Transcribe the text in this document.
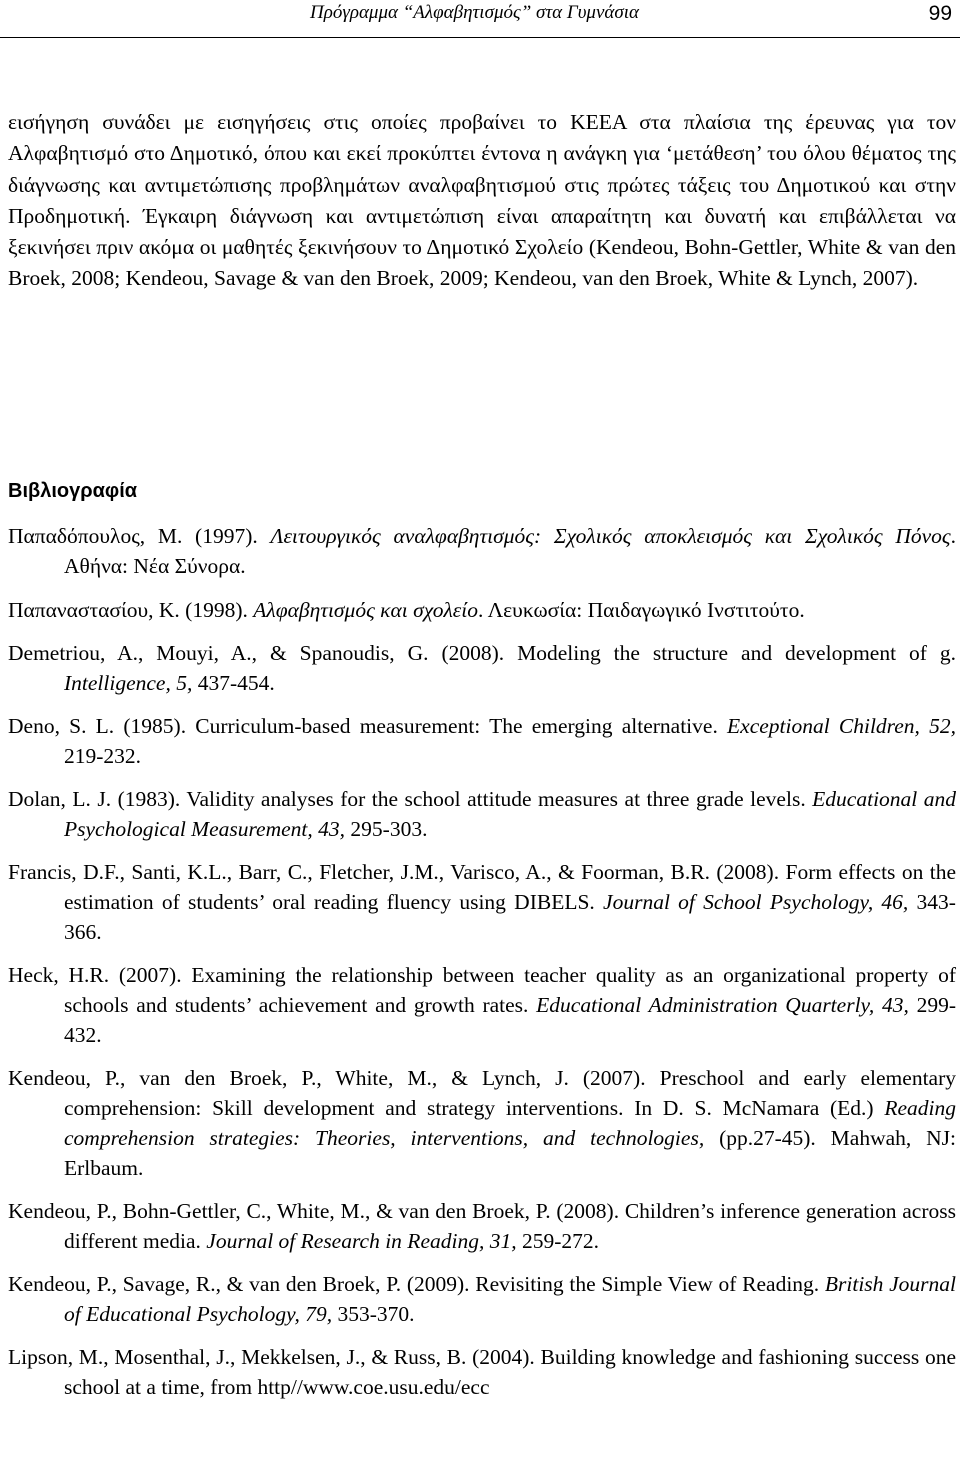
Πρόγραμμα “Αλφαβητισμός” στα Γυμνάσια	99

εισήγηση συνάδει με εισηγήσεις στις οποίες προβαίνει το ΚΕΕΑ στα πλαίσια της έρευνας για τον Αλφαβητισμό στο Δημοτικό, όπου και εκεί προκύπτει έντονα η ανάγκη για ‘μετάθεση’ του όλου θέματος της διάγνωσης και αντιμετώπισης προβλημάτων αναλφαβητισμού στις πρώτες τάξεις του Δημοτικού και στην Προδημοτική. Έγκαιρη διάγνωση και αντιμετώπιση είναι απαραίτητη και δυνατή και επιβάλλεται να ξεκινήσει πριν ακόμα οι μαθητές ξεκινήσουν το Δημοτικό Σχολείο (Kendeou, Bohn-Gettler, White & van den Broek, 2008; Kendeou, Savage & van den Broek, 2009; Kendeou, van den Broek, White & Lynch, 2007).

Βιβλιογραφία
Παπαδόπουλος, Μ. (1997). Λειτουργικός αναλφαβητισμός: Σχολικός αποκλεισμός και Σχολικός Πόνος. Αθήνα: Νέα Σύνορα.
Παπαναστασίου, Κ. (1998). Αλφαβητισμός και σχολείο. Λευκωσία: Παιδαγωγικό Ινστιτούτο.
Demetriou, A., Mouyi, A., & Spanoudis, G. (2008). Modeling the structure and development of g. Intelligence, 5, 437-454.
Deno, S. L. (1985). Curriculum-based measurement: The emerging alternative. Exceptional Children, 52, 219-232.
Dolan, L. J. (1983). Validity analyses for the school attitude measures at three grade levels. Educational and Psychological Measurement, 43, 295-303.
Francis, D.F., Santi, K.L., Barr, C., Fletcher, J.M., Varisco, A., & Foorman, B.R. (2008). Form effects on the estimation of students’ oral reading fluency using DIBELS. Journal of School Psychology, 46, 343-366.
Heck, H.R. (2007). Examining the relationship between teacher quality as an organizational property of schools and students’ achievement and growth rates. Educational Administration Quarterly, 43, 299-432.
Kendeou, P., van den Broek, P., White, M., & Lynch, J. (2007). Preschool and early elementary comprehension: Skill development and strategy interventions. In D. S. McNamara (Ed.) Reading comprehension strategies: Theories, interventions, and technologies, (pp.27-45). Mahwah, NJ: Erlbaum.
Kendeou, P., Bohn-Gettler, C., White, M., & van den Broek, P. (2008). Children’s inference generation across different media. Journal of Research in Reading, 31, 259-272.
Kendeou, P., Savage, R., & van den Broek, P. (2009). Revisiting the Simple View of Reading. British Journal of Educational Psychology, 79, 353-370.
Lipson, M., Mosenthal, J., Mekkelsen, J., & Russ, B. (2004). Building knowledge and fashioning success one school at a time, from http//www.coe.usu.edu/ecc
